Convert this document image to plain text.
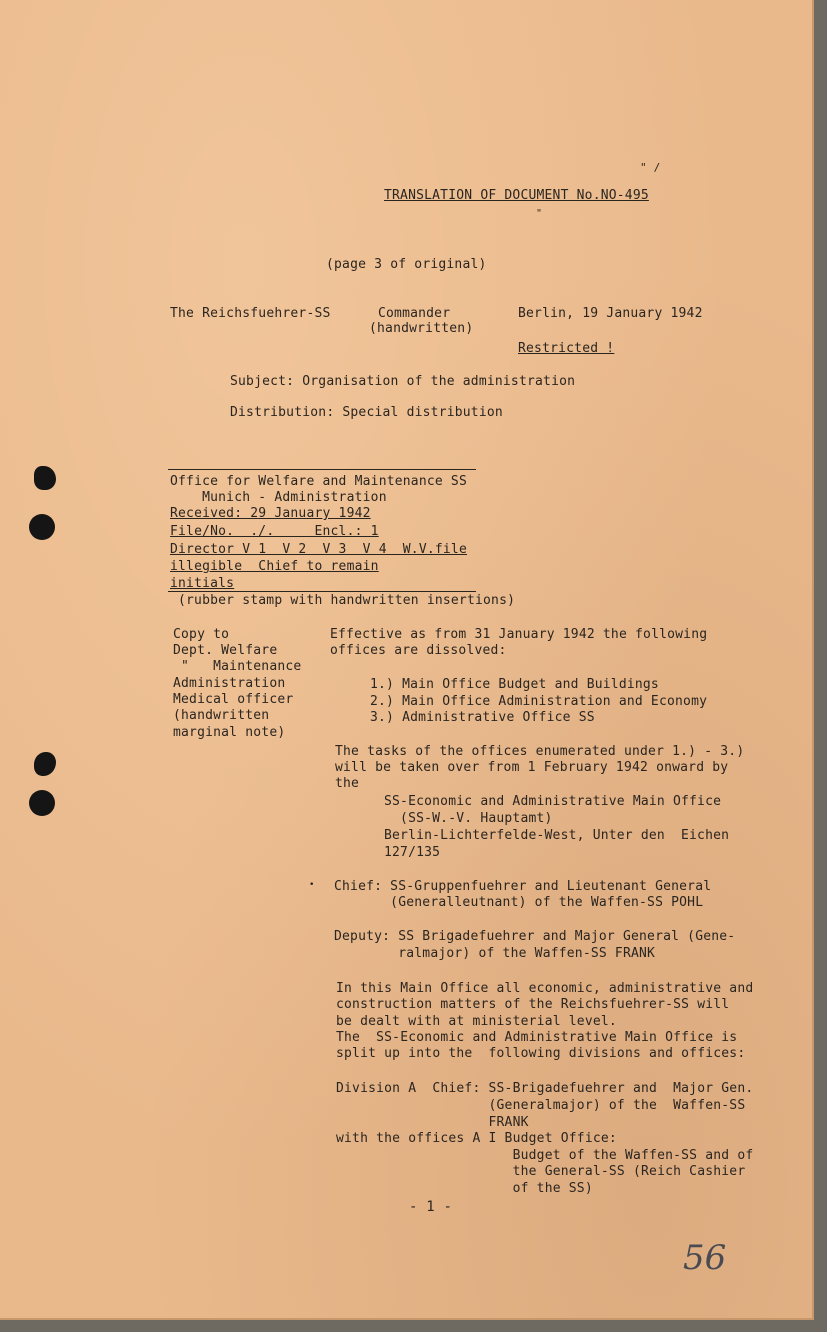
" /
TRANSLATION OF DOCUMENT No.NO-495
"
(page 3 of original)
The Reichsfuehrer-SS	Commander
(handwritten)
Berlin, 19 January 1942
Restricted !
Subject: Organisation of the administration
Distribution: Special distribution
Office for Welfare and Maintenance SS
Munich - Administration
Received: 29 January 1942
File/No.  ./.     Encl.: 1
Director V 1  V 2  V 3  V 4  W.V.file
illegible  Chief to remain
initials
(rubber stamp with handwritten insertions)
Copy to
Dept. Welfare
"   Maintenance
Administration
Medical officer
(handwritten
marginal note)
Effective as from 31 January 1942 the following
offices are dissolved:
1.) Main Office Budget and Buildings
2.) Main Office Administration and Economy
3.) Administrative Office SS
The tasks of the offices enumerated under 1.) - 3.)
will be taken over from 1 February 1942 onward by
the
SS-Economic and Administrative Main Office
(SS-W.-V. Hauptamt)
Berlin-Lichterfelde-West, Unter den  Eichen
127/135
• Chief: SS-Gruppenfuehrer and Lieutenant General
(Generalleutnant) of the Waffen-SS POHL
Deputy: SS Brigadefuehrer and Major General (Gene-
ralmajor) of the Waffen-SS FRANK
In this Main Office all economic, administrative and
construction matters of the Reichsfuehrer-SS will
be dealt with at ministerial level.
The  SS-Economic and Administrative Main Office is
split up into the  following divisions and offices:
Division A  Chief: SS-Brigadefuehrer and  Major Gen.
(Generalmajor) of the  Waffen-SS
FRANK
with the offices A I Budget Office:
Budget of the Waffen-SS and of
the General-SS (Reich Cashier
of the SS)
- 1 -
56
